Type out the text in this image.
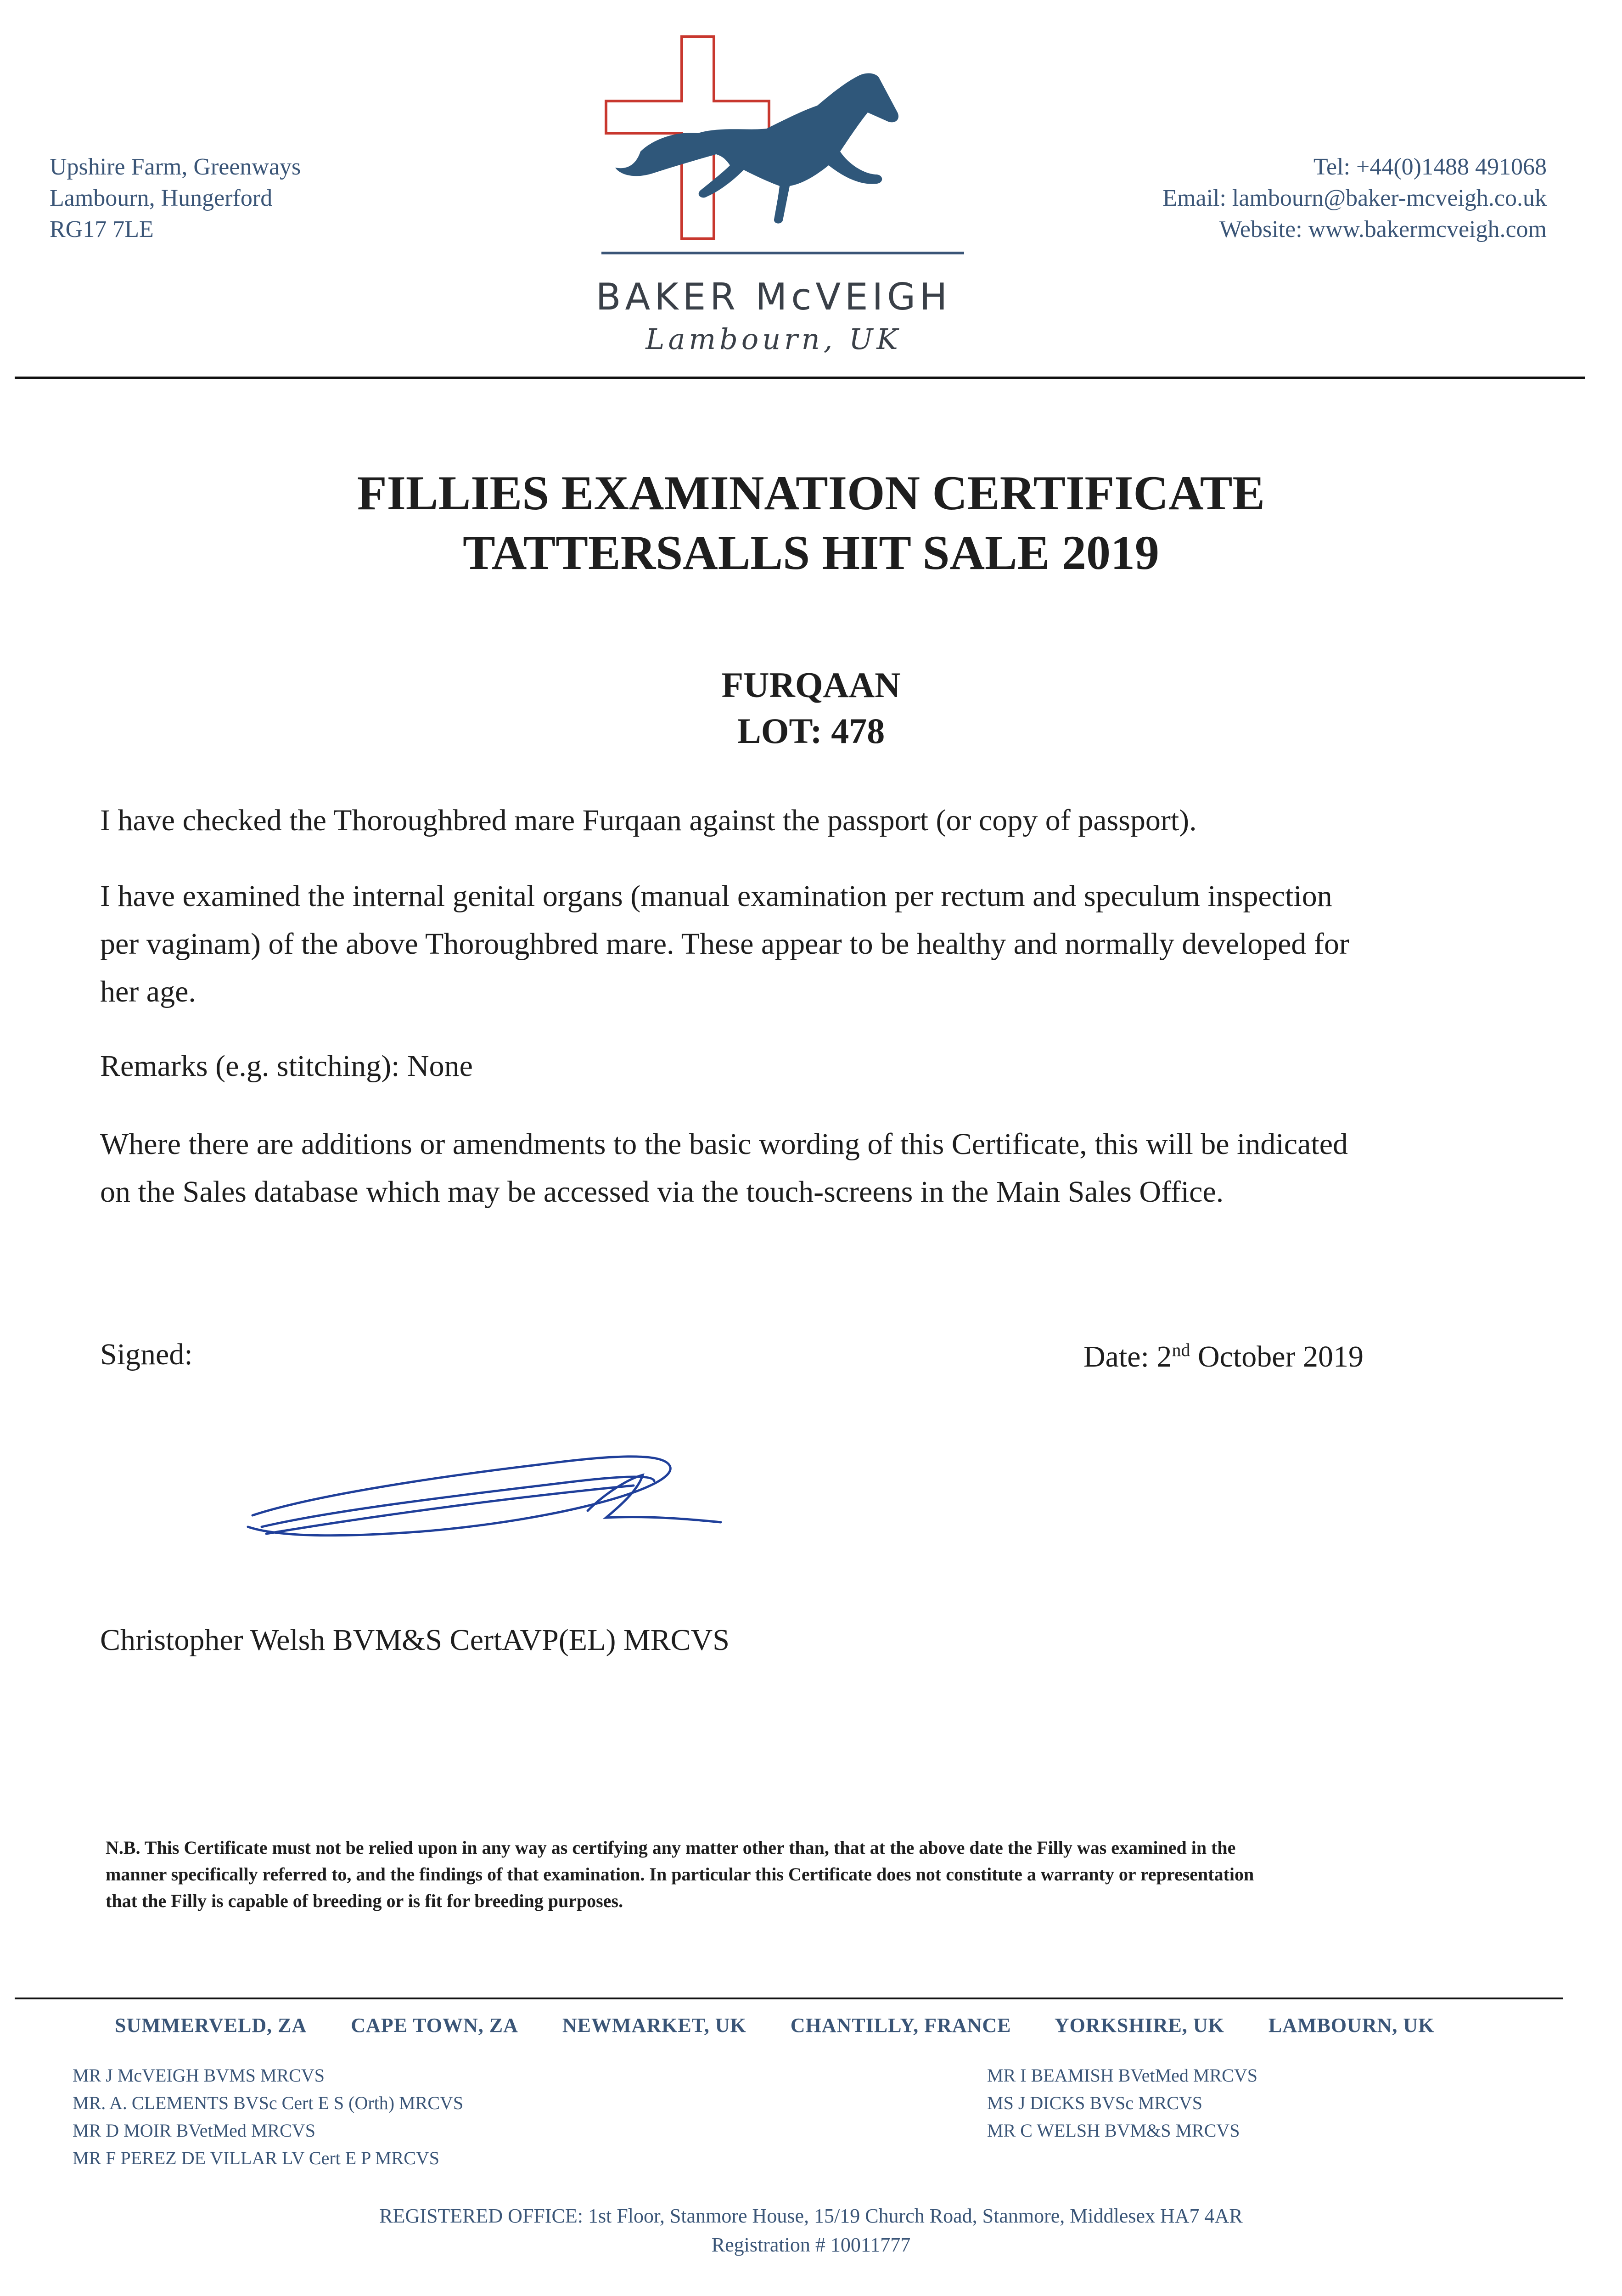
Upshire Farm, Greenways
Lambourn, Hungerford
RG17 7LE
BAKER McVEIGH
Lambourn, UK
Tel: +44(0)1488 491068
Email: lambourn@baker-mcveigh.co.uk
Website: www.bakermcveigh.com
FILLIES EXAMINATION CERTIFICATE
TATTERSALLS HIT SALE 2019
FURQAAN
LOT: 478
I have checked the Thoroughbred mare Furqaan against the passport (or copy of passport).
I have examined the internal genital organs (manual examination per rectum and speculum inspection
per vaginam) of the above Thoroughbred mare. These appear to be healthy and normally developed for
her age.
Remarks (e.g. stitching): None
Where there are additions or amendments to the basic wording of this Certificate, this will be indicated
on the Sales database which may be accessed via the touch-screens in the Main Sales Office.
Signed:	Date: 2nd October 2019
Christopher Welsh BVM&S CertAVP(EL) MRCVS
N.B. This Certificate must not be relied upon in any way as certifying any matter other than, that at the above date the Filly was examined in the
manner specifically referred to, and the findings of that examination. In particular this Certificate does not constitute a warranty or representation
that the Filly is capable of breeding or is fit for breeding purposes.
SUMMERVELD, ZA CAPE TOWN, ZA NEWMARKET, UK CHANTILLY, FRANCE YORKSHIRE, UK LAMBOURN, UK
MR J McVEIGH BVMS MRCVS
MR. A. CLEMENTS BVSc Cert E S (Orth) MRCVS
MR D MOIR BVetMed MRCVS
MR F PEREZ DE VILLAR LV Cert E P MRCVS
MR I BEAMISH BVetMed MRCVS
MS J DICKS BVSc MRCVS
MR C WELSH BVM&S MRCVS
REGISTERED OFFICE: 1st Floor, Stanmore House, 15/19 Church Road, Stanmore, Middlesex HA7 4AR
Registration # 10011777
